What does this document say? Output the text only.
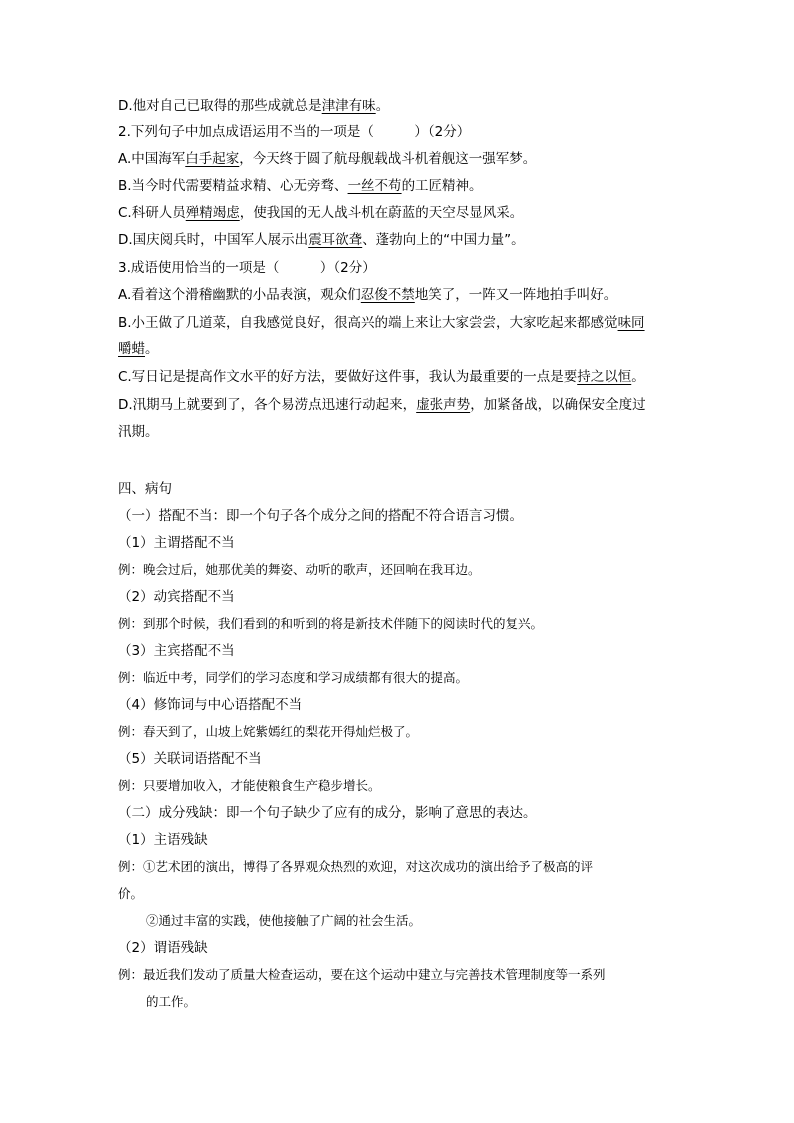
D.他对自己已取得的那些成就总是津津有味。
2.下列句子中加点成语运用不当的一项是（　　　）（2分）
A.中国海军白手起家，今天终于圆了航母舰载战斗机着舰这一强军梦。
B.当今时代需要精益求精、心无旁骛、一丝不苟的工匠精神。
C.科研人员殚精竭虑，使我国的无人战斗机在蔚蓝的天空尽显风采。
D.国庆阅兵时，中国军人展示出震耳欲聋、蓬勃向上的“中国力量”。
3.成语使用恰当的一项是（　　　）（2分）
A.看着这个滑稽幽默的小品表演，观众们忍俊不禁地笑了，一阵又一阵地拍手叫好。
B.小王做了几道菜，自我感觉良好，很高兴的端上来让大家尝尝，大家吃起来都感觉味同
嚼蜡。
C.写日记是提高作文水平的好方法，要做好这件事，我认为最重要的一点是要持之以恒。
D.汛期马上就要到了，各个易涝点迅速行动起来，虚张声势，加紧备战，以确保安全度过
汛期。
四、病句
（一）搭配不当：即一个句子各个成分之间的搭配不符合语言习惯。
（1）主谓搭配不当
例：晚会过后，她那优美的舞姿、动听的歌声，还回响在我耳边。
（2）动宾搭配不当
例：到那个时候，我们看到的和听到的将是新技术伴随下的阅读时代的复兴。
（3）主宾搭配不当
例：临近中考，同学们的学习态度和学习成绩都有很大的提高。
（4）修饰词与中心语搭配不当
例：春天到了，山坡上姹紫嫣红的梨花开得灿烂极了。
（5）关联词语搭配不当
例：只要增加收入，才能使粮食生产稳步增长。
（二）成分残缺：即一个句子缺少了应有的成分，影响了意思的表达。
（1）主语残缺
例：①艺术团的演出，博得了各界观众热烈的欢迎，对这次成功的演出给予了极高的评
价。
②通过丰富的实践，使他接触了广阔的社会生活。
（2）谓语残缺
例：最近我们发动了质量大检查运动，要在这个运动中建立与完善技术管理制度等一系列
的工作。
